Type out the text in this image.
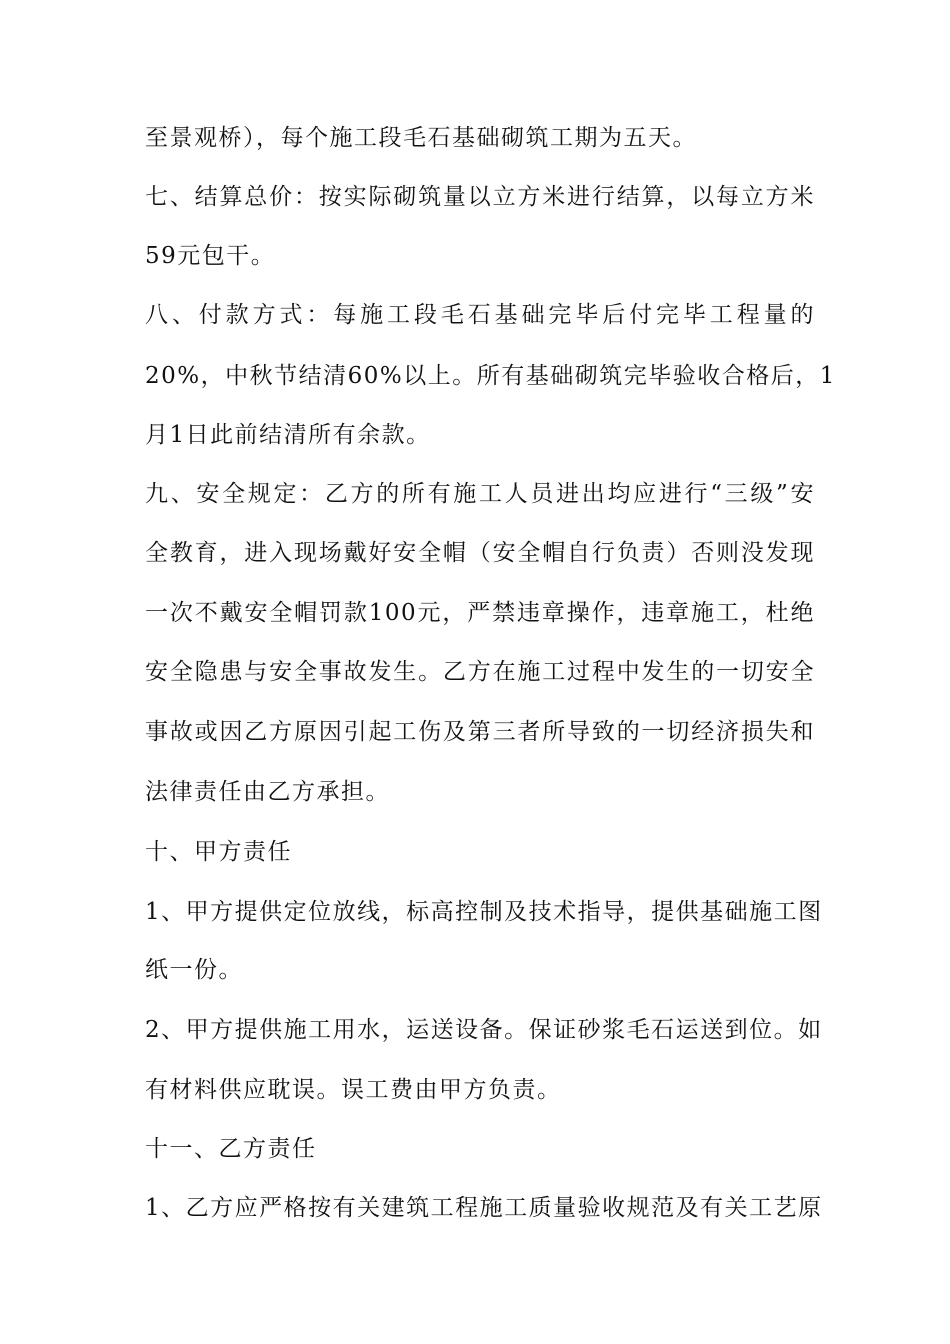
至景观桥），每个施工段毛石基础砌筑工期为五天。
七、结算总价：按实际砌筑量以立方米进行结算，以每立方米
59元包干。
八、付款方式：每施工段毛石基础完毕后付完毕工程量的
20%，中秋节结清60%以上。所有基础砌筑完毕验收合格后，1
月1日此前结清所有余款。
九、安全规定：乙方的所有施工人员进出均应进行“三级”安
全教育，进入现场戴好安全帽（安全帽自行负责）否则没发现
一次不戴安全帽罚款100元，严禁违章操作，违章施工，杜绝
安全隐患与安全事故发生。乙方在施工过程中发生的一切安全
事故或因乙方原因引起工伤及第三者所导致的一切经济损失和
法律责任由乙方承担。
十、甲方责任
1、甲方提供定位放线，标高控制及技术指导，提供基础施工图
纸一份。
2、甲方提供施工用水，运送设备。保证砂浆毛石运送到位。如
有材料供应耽误。误工费由甲方负责。
十一、乙方责任
1、乙方应严格按有关建筑工程施工质量验收规范及有关工艺原
